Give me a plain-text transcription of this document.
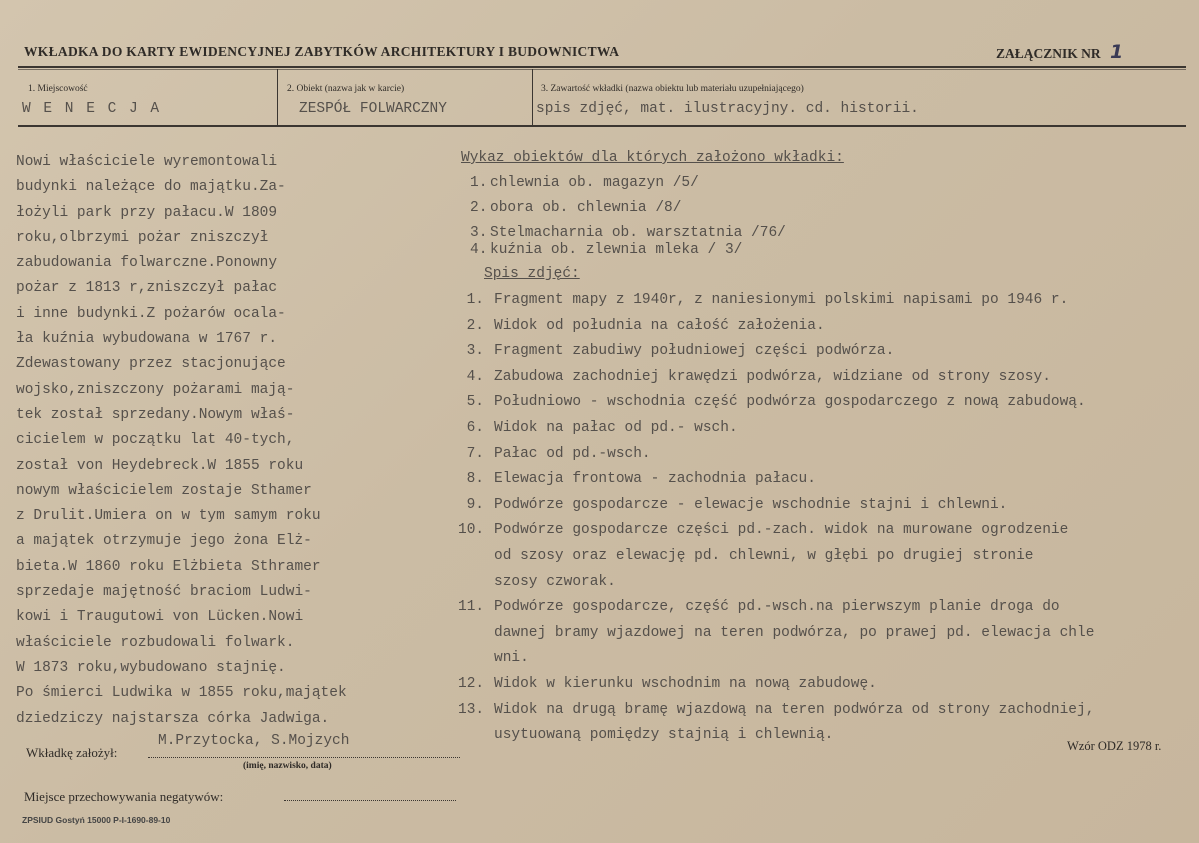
WKŁADKA DO KARTY EWIDENCYJNEJ ZABYTKÓW ARCHITEKTURY I BUDOWNICTWA	ZAŁĄCZNIK NR 1
1. Miejscowość
W E N E C J A
2. Obiekt (nazwa jak w karcie)
ZESPÓŁ FOLWARCZNY
3. Zawartość wkładki (nazwa obiektu lub materiału uzupełniającego)
spis zdjęć, mat. ilustracyjny. cd. historii.
Nowi właściciele wyremontowali
budynki należące do majątku.Za-
łożyli park przy pałacu.W 1809
roku,olbrzymi pożar zniszczył
zabudowania folwarczne.Ponowny
pożar z 1813 r,zniszczył pałac
i inne budynki.Z pożarów ocala-
ła kuźnia wybudowana w 1767 r.
Zdewastowany przez stacjonujące
wojsko,zniszczony pożarami mają-
tek został sprzedany.Nowym właś-
cicielem w początku lat 40-tych,
został von Heydebreck.W 1855 roku
nowym właścicielem zostaje Sthamer
z Drulit.Umiera on w tym samym roku
a majątek otrzymuje jego żona Elż-
bieta.W 1860 roku Elżbieta Sthramer
sprzedaje majętność braciom Ludwi-
kowi i Traugutowi von Lücken.Nowi
właściciele rozbudowali folwark.
W 1873 roku,wybudowano stajnię.
Po śmierci Ludwika w 1855 roku,majątek
dziedziczy najstarsza córka Jadwiga.
Wykaz obiektów dla których założono wkładki:
1. chlewnia ob. magazyn /5/
2. obora ob. chlewnia /8/
3. Stelmacharnia ob. warsztatnia /76/
4. kuźnia ob. zlewnia mleka / 3/
Spis zdjęć:
1. Fragment mapy z 1940r, z naniesionymi polskimi napisami po 1946 r.
2. Widok od południa na całość założenia.
3. Fragment zabudiwy południowej części podwórza.
4. Zabudowa zachodniej krawędzi podwórza, widziane od strony szosy.
5. Południowo - wschodnia część podwórza gospodarczego z nową zabudową.
6. Widok na pałac od pd.- wsch.
7. Pałac od pd.-wsch.
8. Elewacja frontowa - zachodnia pałacu.
9. Podwórze gospodarcze - elewacje wschodnie stajni i chlewni.
10. Podwórze gospodarcze części pd.-zach. widok na murowane ogrodzenie
od szosy oraz elewację pd. chlewni, w głębi po drugiej stronie
szosy czworak.
11. Podwórze gospodarcze, część pd.-wsch.na pierwszym planie droga do
dawnej bramy wjazdowej na teren podwórza, po prawej pd. elewacja chle
wni.
12. Widok w kierunku wschodnim na nową zabudowę.
13. Widok na drugą bramę wjazdową na teren podwórza od strony zachodniej,
usytuowaną pomiędzy stajnią i chlewnią.
Wkładkę założył:
M.Przytocka, S.Mojzych
(imię, nazwisko, data)
Wzór ODZ 1978 r.
Miejsce przechowywania negatywów:
ZPSIUD Gostyń 15000 P-I-1690-89-10
